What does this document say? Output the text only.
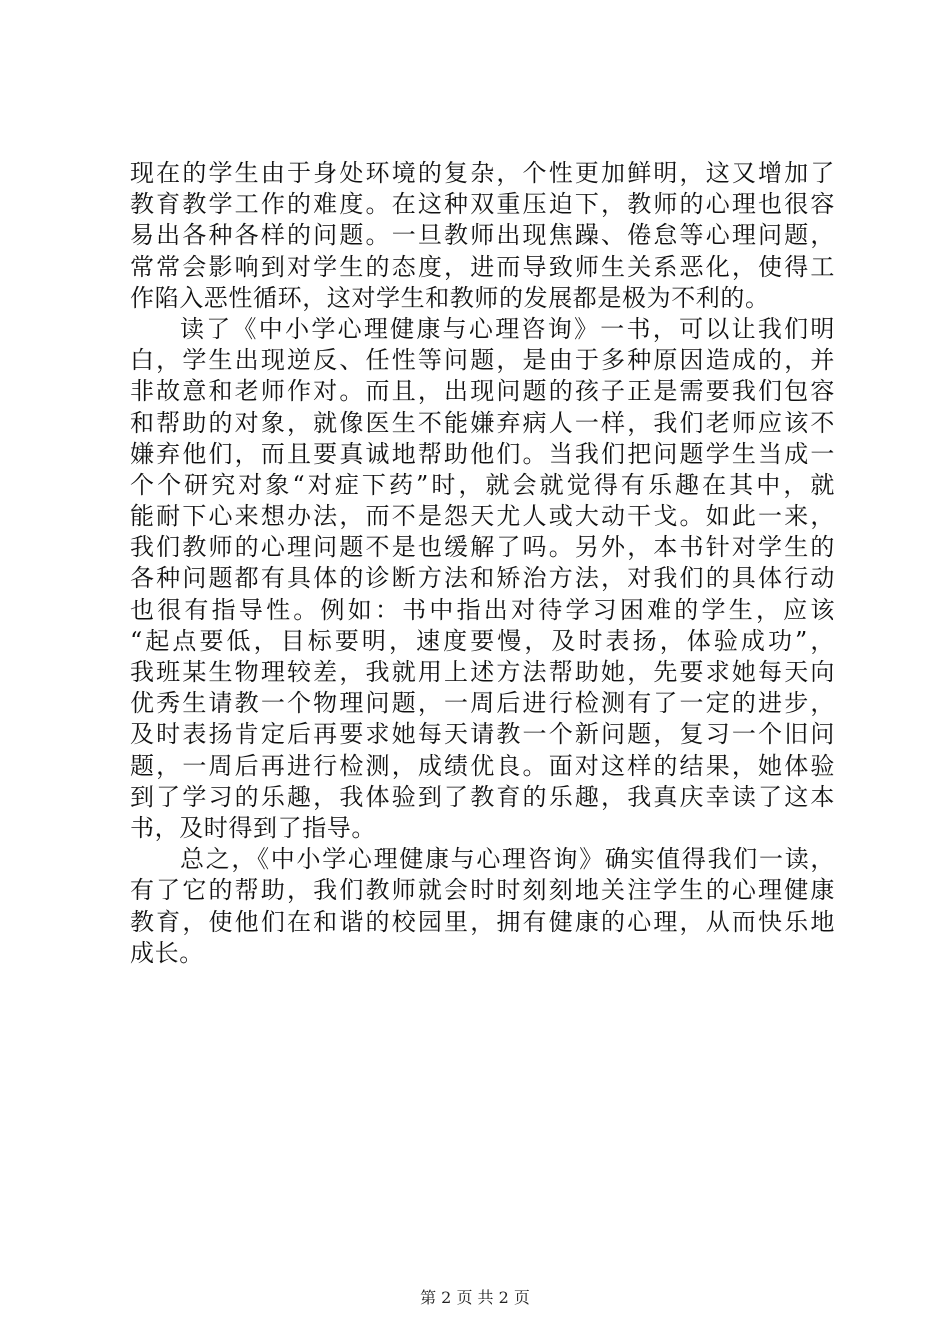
现在的学生由于身处环境的复杂，个性更加鲜明，这又增加了
教育教学工作的难度。在这种双重压迫下，教师的心理也很容
易出各种各样的问题。一旦教师出现焦躁、倦怠等心理问题，
常常会影响到对学生的态度，进而导致师生关系恶化，使得工
作陷入恶性循环，这对学生和教师的发展都是极为不利的。
读了《中小学心理健康与心理咨询》一书，可以让我们明
白，学生出现逆反、任性等问题，是由于多种原因造成的，并
非故意和老师作对。而且，出现问题的孩子正是需要我们包容
和帮助的对象，就像医生不能嫌弃病人一样，我们老师应该不
嫌弃他们，而且要真诚地帮助他们。当我们把问题学生当成一
个个研究对象“对症下药”时，就会就觉得有乐趣在其中，就
能耐下心来想办法，而不是怨天尤人或大动干戈。如此一来，
我们教师的心理问题不是也缓解了吗。另外，本书针对学生的
各种问题都有具体的诊断方法和矫治方法，对我们的具体行动
也很有指导性。例如：书中指出对待学习困难的学生，应该
“起点要低，目标要明，速度要慢，及时表扬，体验成功”，
我班某生物理较差，我就用上述方法帮助她，先要求她每天向
优秀生请教一个物理问题，一周后进行检测有了一定的进步，
及时表扬肯定后再要求她每天请教一个新问题，复习一个旧问
题，一周后再进行检测，成绩优良。面对这样的结果，她体验
到了学习的乐趣，我体验到了教育的乐趣，我真庆幸读了这本
书，及时得到了指导。
总之，《中小学心理健康与心理咨询》确实值得我们一读，
有了它的帮助，我们教师就会时时刻刻地关注学生的心理健康
教育，使他们在和谐的校园里，拥有健康的心理，从而快乐地
成长。
第 2 页 共 2 页
